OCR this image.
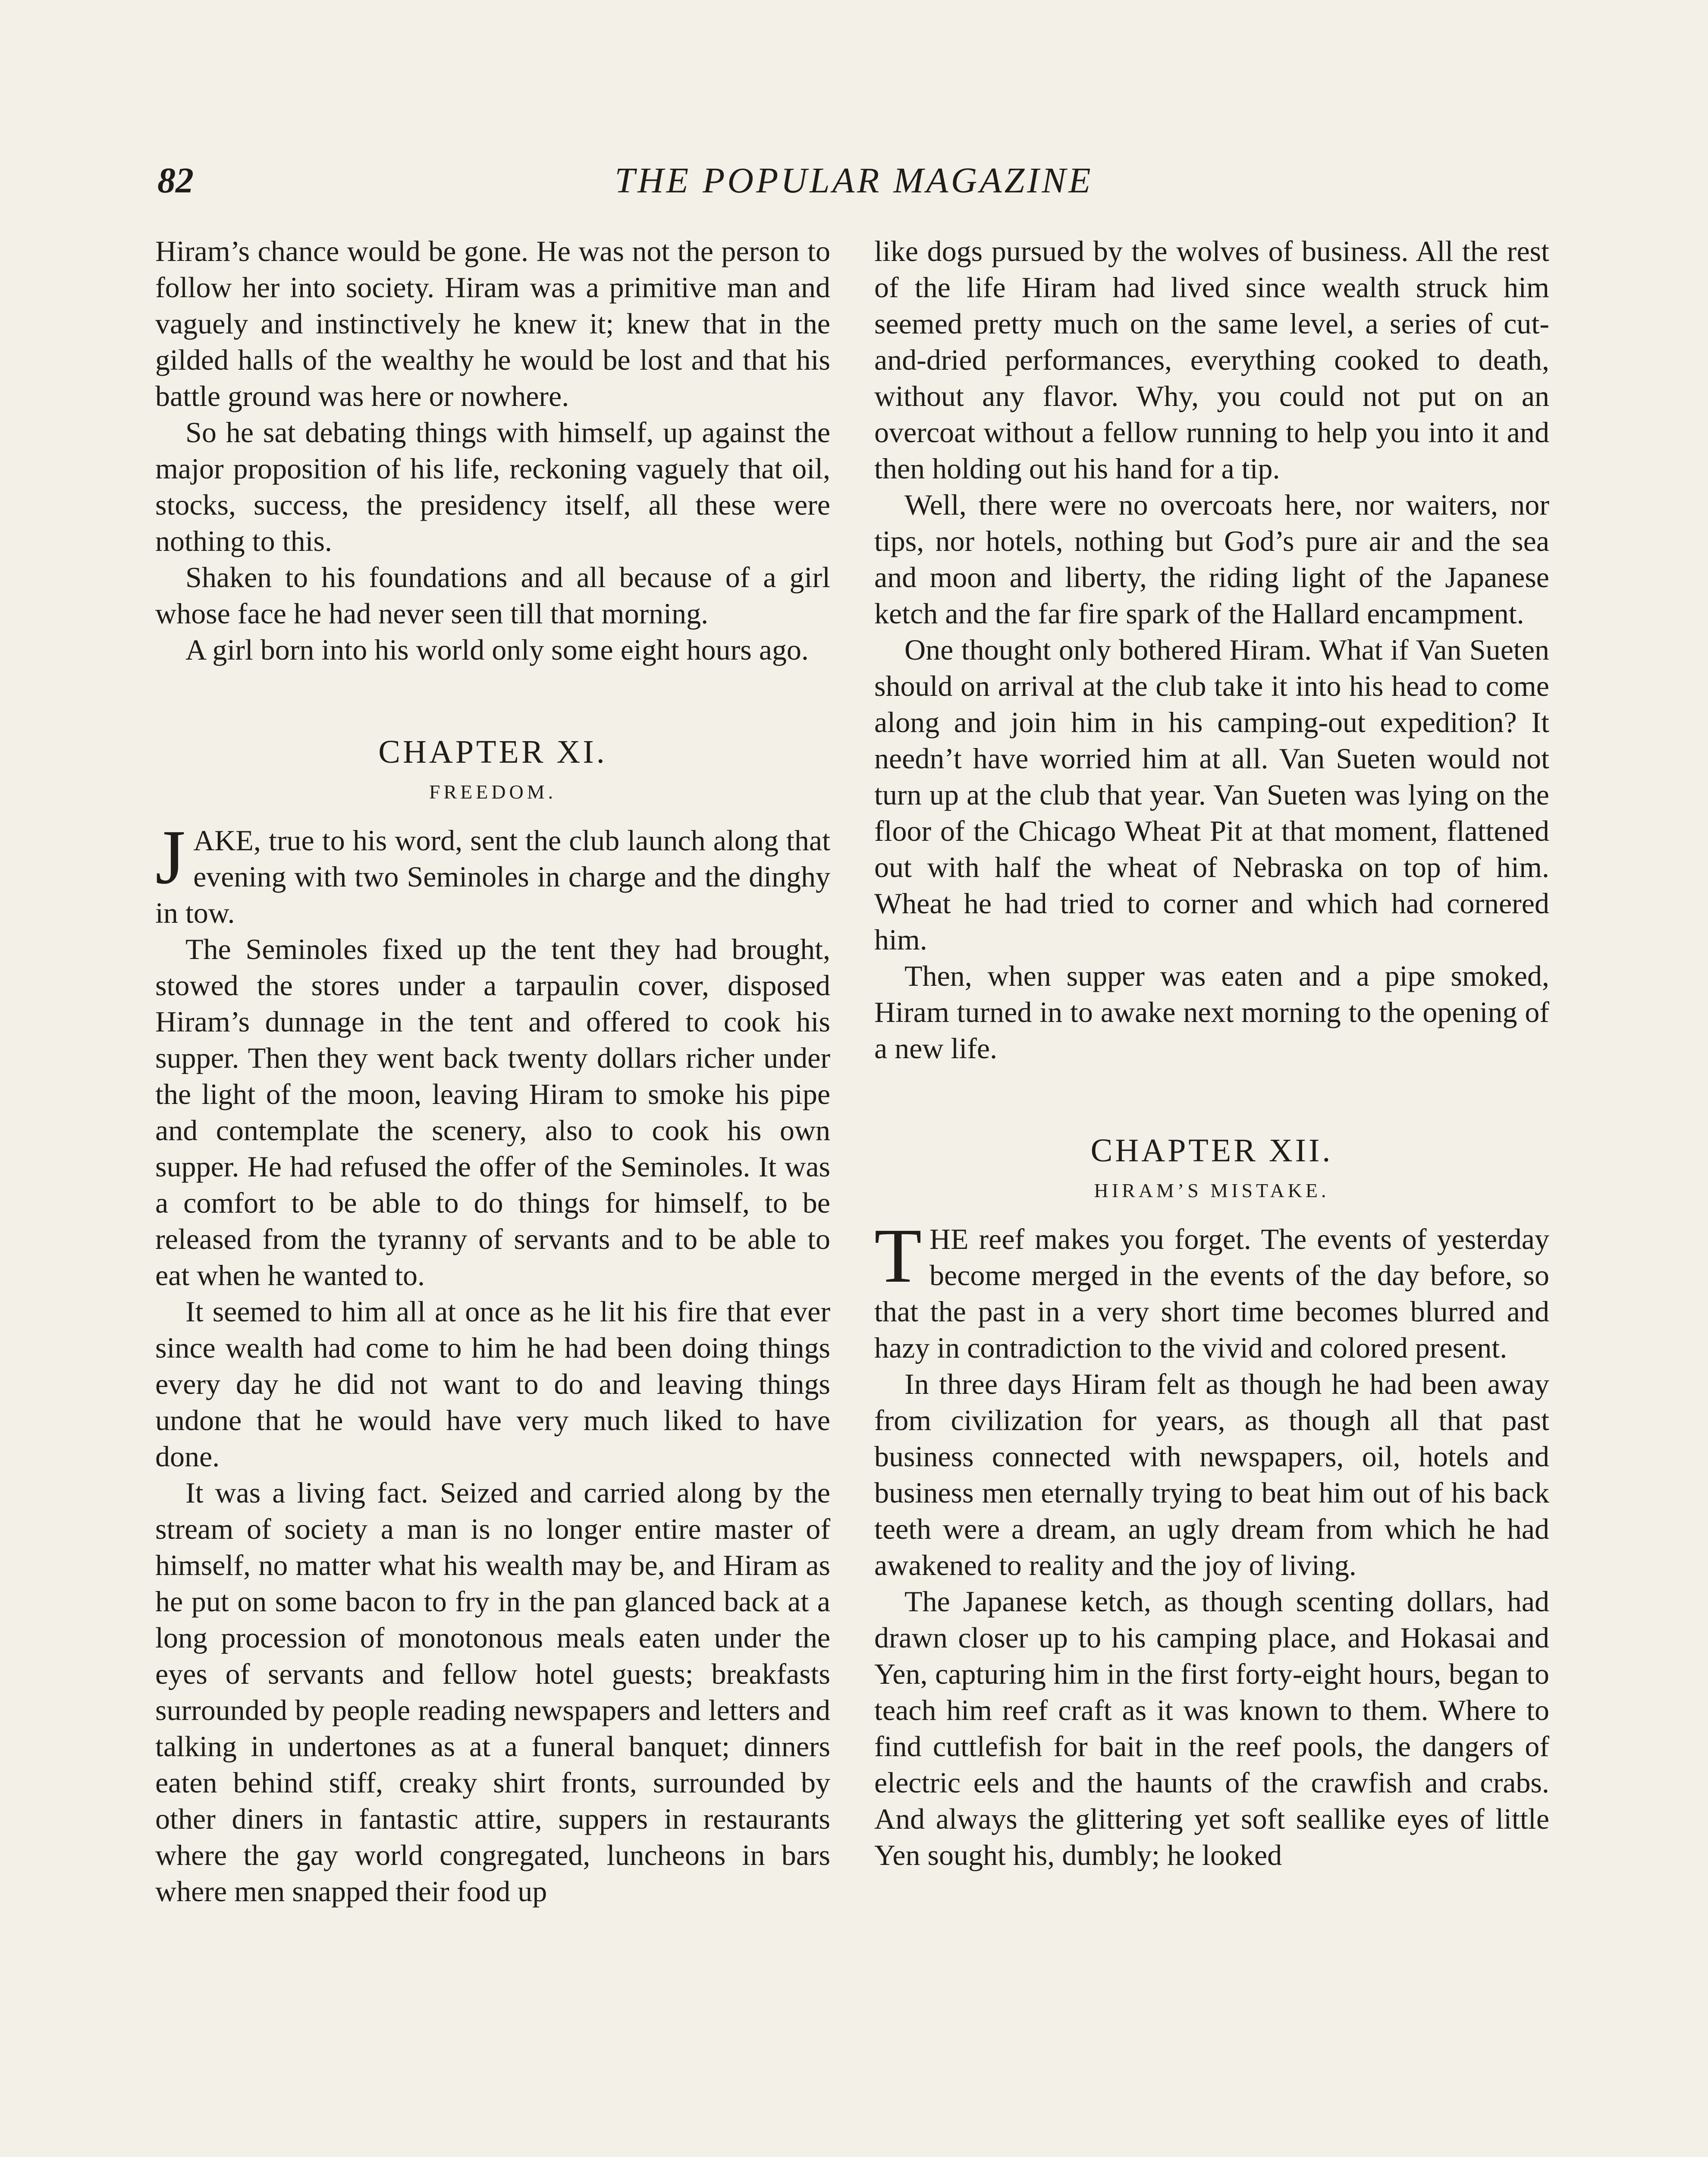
82	THE POPULAR MAGAZINE

Hiram’s chance would be gone. He was not the person to follow her into society. Hiram was a primitive man and vaguely and instinctively he knew it; knew that in the gilded halls of the wealthy he would be lost and that his battle ground was here or nowhere.

So he sat debating things with himself, up against the major proposition of his life, reckoning vaguely that oil, stocks, success, the presidency itself, all these were nothing to this.

Shaken to his foundations and all because of a girl whose face he had never seen till that morning.

A girl born into his world only some eight hours ago.

CHAPTER XI.
FREEDOM.

JAKE, true to his word, sent the club launch along that evening with two Seminoles in charge and the dinghy in tow.

The Seminoles fixed up the tent they had brought, stowed the stores under a tarpaulin cover, disposed Hiram’s dunnage in the tent and offered to cook his supper. Then they went back twenty dollars richer under the light of the moon, leaving Hiram to smoke his pipe and contemplate the scenery, also to cook his own supper. He had refused the offer of the Seminoles. It was a comfort to be able to do things for himself, to be released from the tyranny of servants and to be able to eat when he wanted to.

It seemed to him all at once as he lit his fire that ever since wealth had come to him he had been doing things every day he did not want to do and leaving things undone that he would have very much liked to have done.

It was a living fact. Seized and carried along by the stream of society a man is no longer entire master of himself, no matter what his wealth may be, and Hiram as he put on some bacon to fry in the pan glanced back at a long procession of monotonous meals eaten under the eyes of servants and fellow hotel guests; breakfasts surrounded by people reading newspapers and letters and talking in undertones as at a funeral banquet; dinners eaten behind stiff, creaky shirt fronts, surrounded by other diners in fantastic attire, suppers in restaurants where the gay world congregated, luncheons in bars where men snapped their food up

like dogs pursued by the wolves of business. All the rest of the life Hiram had lived since wealth struck him seemed pretty much on the same level, a series of cut-and-dried performances, everything cooked to death, without any flavor. Why, you could not put on an overcoat without a fellow running to help you into it and then holding out his hand for a tip.

Well, there were no overcoats here, nor waiters, nor tips, nor hotels, nothing but God’s pure air and the sea and moon and liberty, the riding light of the Japanese ketch and the far fire spark of the Hallard encampment.

One thought only bothered Hiram. What if Van Sueten should on arrival at the club take it into his head to come along and join him in his camping-out expedition? It needn’t have worried him at all. Van Sueten would not turn up at the club that year. Van Sueten was lying on the floor of the Chicago Wheat Pit at that moment, flattened out with half the wheat of Nebraska on top of him. Wheat he had tried to corner and which had cornered him.

Then, when supper was eaten and a pipe smoked, Hiram turned in to awake next morning to the opening of a new life.

CHAPTER XII.
HIRAM’S MISTAKE.

THE reef makes you forget. The events of yesterday become merged in the events of the day before, so that the past in a very short time becomes blurred and hazy in contradiction to the vivid and colored present.

In three days Hiram felt as though he had been away from civilization for years, as though all that past business connected with newspapers, oil, hotels and business men eternally trying to beat him out of his back teeth were a dream, an ugly dream from which he had awakened to reality and the joy of living.

The Japanese ketch, as though scenting dollars, had drawn closer up to his camping place, and Hokasai and Yen, capturing him in the first forty-eight hours, began to teach him reef craft as it was known to them. Where to find cuttlefish for bait in the reef pools, the dangers of electric eels and the haunts of the crawfish and crabs. And always the glittering yet soft seallike eyes of little Yen sought his, dumbly; he looked
